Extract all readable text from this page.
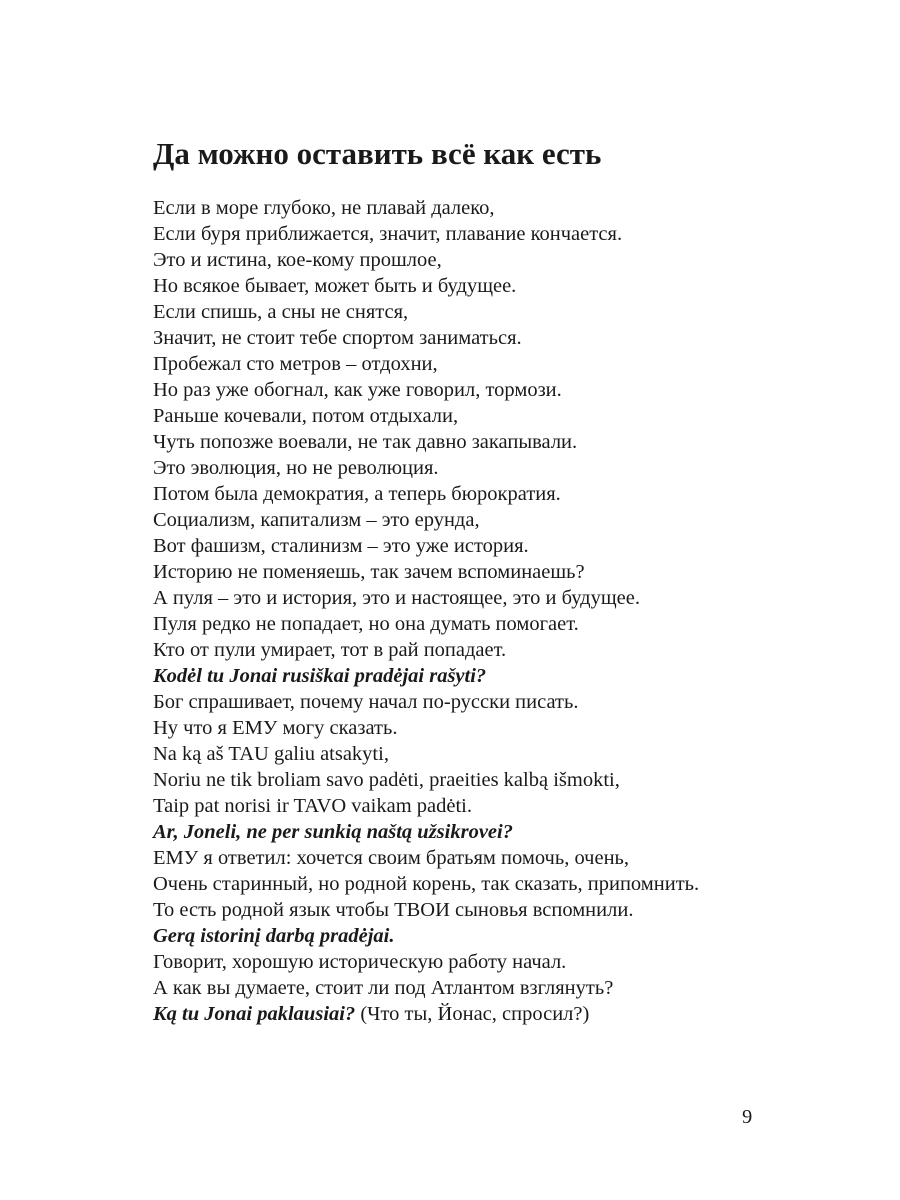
Да можно оставить всё как есть
Если в море глубоко, не плавай далеко,
Если буря приближается, значит, плавание кончается.
Это и истина, кое-кому прошлое,
Но всякое бывает, может быть и будущее.
Если спишь, а сны не снятся,
Значит, не стоит тебе спортом заниматься.
Пробежал сто метров – отдохни,
Но раз уже обогнал, как уже говорил, тормози.
Раньше кочевали, потом отдыхали,
Чуть попозже воевали, не так давно закапывали.
Это эволюция, но не революция.
Потом была демократия, а теперь бюрократия.
Социализм, капитализм – это ерунда,
Вот фашизм, сталинизм – это уже история.
Историю не поменяешь, так зачем вспоминаешь?
А пуля – это и история, это и настоящее, это и будущее.
Пуля редко не попадает, но она думать помогает.
Кто от пули умирает, тот в рай попадает.
Kodėl tu Jonai rusiškai pradėjai rašyti?
Бог спрашивает, почему начал по-русски писать.
Ну что я ЕМУ могу сказать.
Na ką aš TAU galiu atsakyti,
Noriu ne tik broliam savo padėti, praeities kalbą išmokti,
Taip pat norisi ir TAVO vaikam padėti.
Ar, Joneli, ne per sunkią naštą užsikrovei?
ЕМУ я ответил: хочется своим братьям помочь, очень,
Очень старинный, но родной корень, так сказать, припомнить.
То есть родной язык чтобы ТВОИ сыновья вспомнили.
Gerą istorinį darbą pradėjai.
Говорит, хорошую историческую работу начал.
А как вы думаете, стоит ли под Атлантом взглянуть?
Ką tu Jonai paklausiai? (Что ты, Йонас, спросил?)
9
